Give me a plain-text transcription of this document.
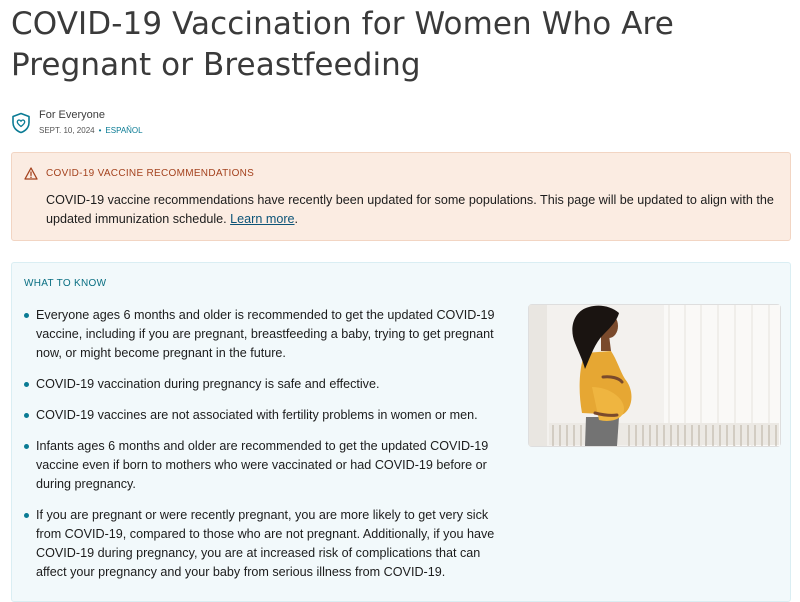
COVID-19 Vaccination for Women Who Are Pregnant or Breastfeeding
For Everyone
SEPT. 10, 2024 • ESPAÑOL
COVID-19 VACCINE RECOMMENDATIONS
COVID-19 vaccine recommendations have recently been updated for some populations. This page will be updated to align with the updated immunization schedule. Learn more.
WHAT TO KNOW
Everyone ages 6 months and older is recommended to get the updated COVID-19 vaccine, including if you are pregnant, breastfeeding a baby, trying to get pregnant now, or might become pregnant in the future.
COVID-19 vaccination during pregnancy is safe and effective.
COVID-19 vaccines are not associated with fertility problems in women or men.
Infants ages 6 months and older are recommended to get the updated COVID-19 vaccine even if born to mothers who were vaccinated or had COVID-19 before or during pregnancy.
If you are pregnant or were recently pregnant, you are more likely to get very sick from COVID-19, compared to those who are not pregnant. Additionally, if you have COVID-19 during pregnancy, you are at increased risk of complications that can affect your pregnancy and your baby from serious illness from COVID-19.
